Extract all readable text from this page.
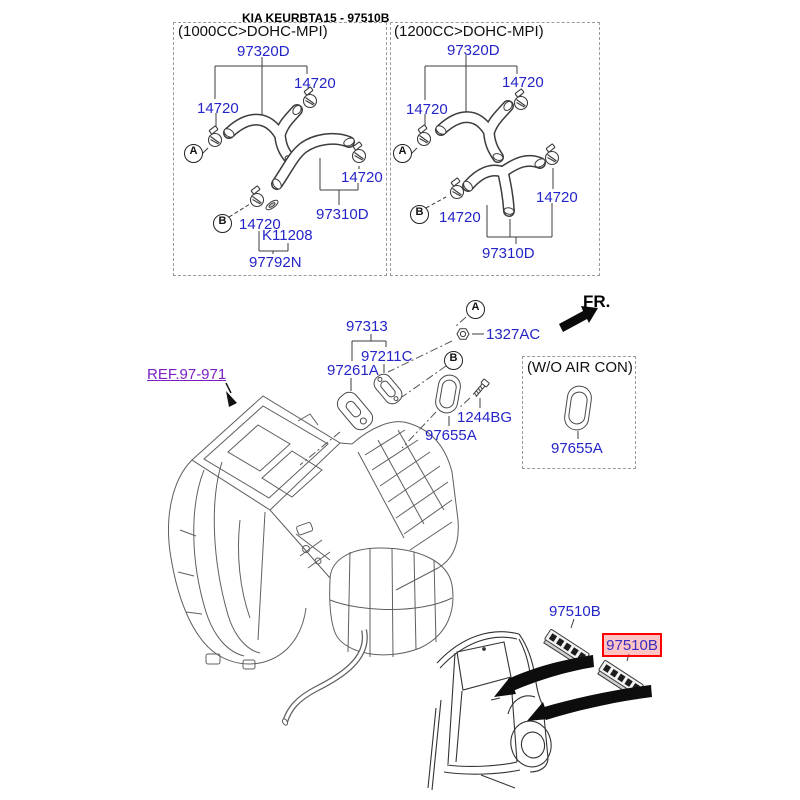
KIA KEURBTA15 - 97510B
(1000CC>DOHC-MPI)
97320D
14720
14720
14720
97310D
14720
K11208
97792N
A
B
(1200CC>DOHC-MPI)
97320D
14720
14720
14720
14720
97310D
A
B
REF.97-971
FR.
97313
97211C
97261A
1327AC
1244BG
97655A
A
B
(W/O AIR CON)
97655A
97510B
97510B
